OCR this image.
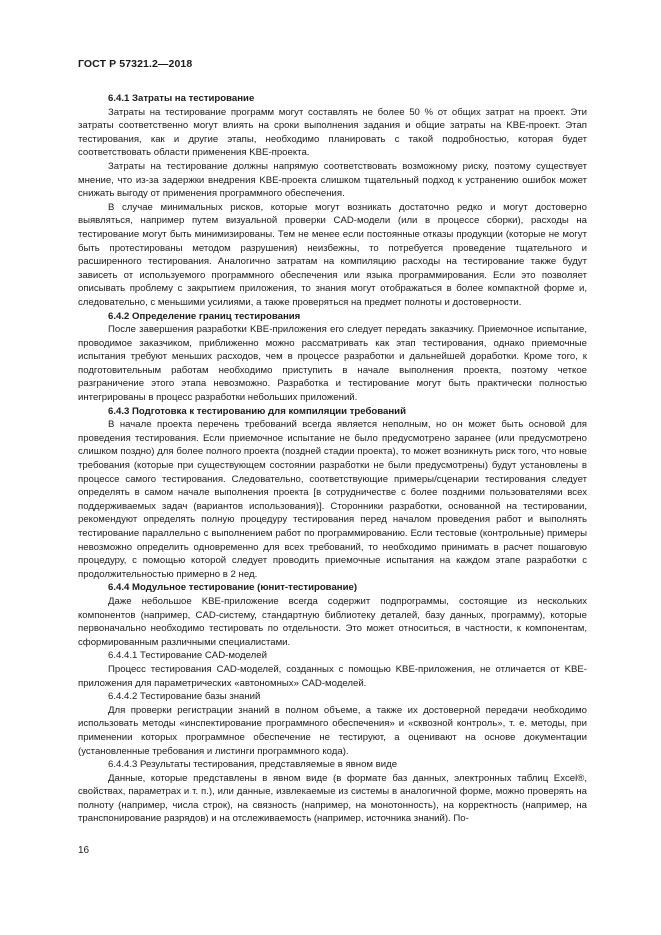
ГОСТ Р 57321.2—2018

6.4.1 Затраты на тестирование

Затраты на тестирование программ могут составлять не более 50 % от общих затрат на проект. Эти затраты соответственно могут влиять на сроки выполнения задания и общие затраты на KBE-проект. Этап тестирования, как и другие этапы, необходимо планировать с такой подробностью, которая будет соответствовать области применения KBE-проекта.

Затраты на тестирование должны напрямую соответствовать возможному риску, поэтому существует мнение, что из-за задержки внедрения KBE-проекта слишком тщательный подход к устранению ошибок может снижать выгоду от применения программного обеспечения.

В случае минимальных рисков, которые могут возникать достаточно редко и могут достоверно выявляться, например путем визуальной проверки CAD-модели (или в процессе сборки), расходы на тестирование могут быть минимизированы. Тем не менее если постоянные отказы продукции (которые не могут быть протестированы методом разрушения) неизбежны, то потребуется проведение тщательного и расширенного тестирования. Аналогично затратам на компиляцию расходы на тестирование также будут зависеть от используемого программного обеспечения или языка программирования. Если это позволяет описывать проблему с закрытием приложения, то знания могут отображаться в более компактной форме и, следовательно, с меньшими усилиями, а также проверяться на предмет полноты и достоверности.

6.4.2 Определение границ тестирования

После завершения разработки KBE-приложения его следует передать заказчику. Приемочное испытание, проводимое заказчиком, приближенно можно рассматривать как этап тестирования, однако приемочные испытания требуют меньших расходов, чем в процессе разработки и дальнейшей доработки. Кроме того, к подготовительным работам необходимо приступить в начале выполнения проекта, поэтому четкое разграничение этого этапа невозможно. Разработка и тестирование могут быть практически полностью интегрированы в процесс разработки небольших приложений.

6.4.3 Подготовка к тестированию для компиляции требований

В начале проекта перечень требований всегда является неполным, но он может быть основой для проведения тестирования. Если приемочное испытание не было предусмотрено заранее (или предусмотрено слишком поздно) для более полного проекта (поздней стадии проекта), то может возникнуть риск того, что новые требования (которые при существующем состоянии разработки не были предусмотрены) будут установлены в процессе самого тестирования. Следовательно, соответствующие примеры/сценарии тестирования следует определять в самом начале выполнения проекта [в сотрудничестве с более поздними пользователями всех поддерживаемых задач (вариантов использования)]. Сторонники разработки, основанной на тестировании, рекомендуют определять полную процедуру тестирования перед началом проведения работ и выполнять тестирование параллельно с выполнением работ по программированию. Если тестовые (контрольные) примеры невозможно определить одновременно для всех требований, то необходимо принимать в расчет пошаговую процедуру, с помощью которой следует проводить приемочные испытания на каждом этапе разработки с продолжительностью примерно в 2 нед.

6.4.4 Модульное тестирование (юнит-тестирование)

Даже небольшое KBE-приложение всегда содержит подпрограммы, состоящие из нескольких компонентов (например, CAD-систему, стандартную библиотеку деталей, базу данных, программу), которые первоначально необходимо тестировать по отдельности. Это может относиться, в частности, к компонентам, сформированным различными специалистами.

6.4.4.1 Тестирование CAD-моделей

Процесс тестирования CAD-моделей, созданных с помощью KBE-приложения, не отличается от KBE-приложения для параметрических «автономных» CAD-моделей.

6.4.4.2 Тестирование базы знаний

Для проверки регистрации знаний в полном объеме, а также их достоверной передачи необходимо использовать методы «инспектирование программного обеспечения» и «сквозной контроль», т. е. методы, при применении которых программное обеспечение не тестируют, а оценивают на основе документации (установленные требования и листинги программного кода).

6.4.4.3 Результаты тестирования, представляемые в явном виде

Данные, которые представлены в явном виде (в формате баз данных, электронных таблиц Excel®, свойствах, параметрах и т. п.), или данные, извлекаемые из системы в аналогичной форме, можно проверять на полноту (например, числа строк), на связность (например, на монотонность), на корректность (например, на транспонирование разрядов) и на отслеживаемость (например, источника знаний). По-

16
